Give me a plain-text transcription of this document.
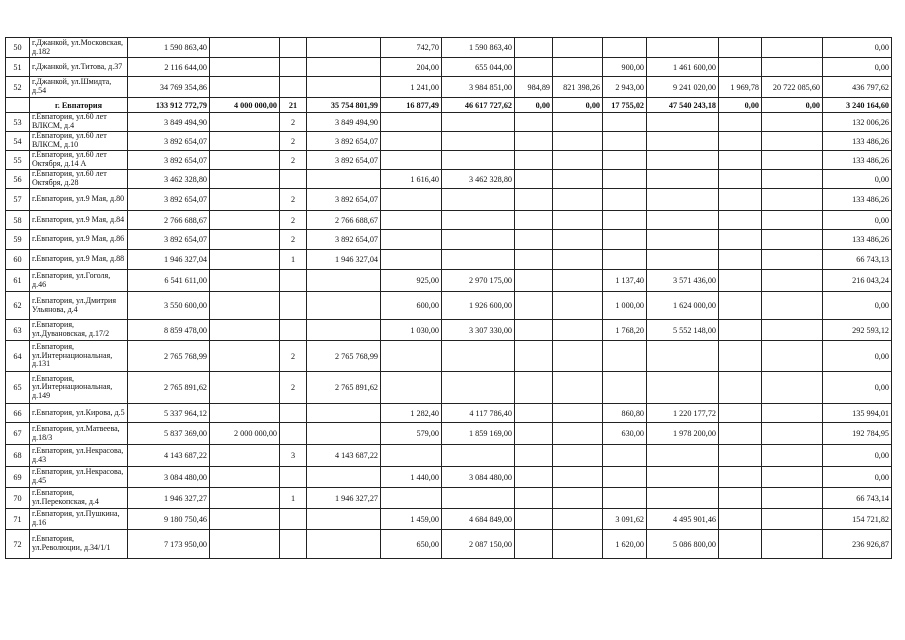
50	г.Джанкой, ул.Московская, д.182	1 590 863,40				742,70	1 590 863,40							0,00
51	г.Джанкой, ул.Титова, д.37	2 116 644,00				204,00	655 044,00			900,00	1 461 600,00			0,00
52	г.Джанкой, ул.Шмидта, д.54	34 769 354,86				1 241,00	3 984 851,00	984,89	821 398,26	2 943,00	9 241 020,00	1 969,78	20 722 085,60	436 797,62
	г. Евпатория	133 912 772,79	4 000 000,00	21	35 754 801,99	16 877,49	46 617 727,62	0,00	0,00	17 755,02	47 540 243,18	0,00	0,00	3 240 164,60
53	г.Евпатория, ул.60 лет ВЛКСМ, д.4	3 849 494,90		2	3 849 494,90									132 006,26
54	г.Евпатория, ул.60 лет ВЛКСМ, д.10	3 892 654,07		2	3 892 654,07									133 486,26
55	г.Евпатория, ул.60 лет Октября, д.14 А	3 892 654,07		2	3 892 654,07									133 486,26
56	г.Евпатория, ул.60 лет Октября, д.28	3 462 328,80				1 616,40	3 462 328,80							0,00
57	г.Евпатория, ул.9 Мая, д.80	3 892 654,07		2	3 892 654,07									133 486,26
58	г.Евпатория, ул.9 Мая, д.84	2 766 688,67		2	2 766 688,67									0,00
59	г.Евпатория, ул.9 Мая, д.86	3 892 654,07		2	3 892 654,07									133 486,26
60	г.Евпатория, ул.9 Мая, д.88	1 946 327,04		1	1 946 327,04									66 743,13
61	г.Евпатория, ул.Гоголя, д.46	6 541 611,00				925,00	2 970 175,00			1 137,40	3 571 436,00			216 043,24
62	г.Евпатория, ул.Дмитрия Ульянова, д.4	3 550 600,00				600,00	1 926 600,00			1 000,00	1 624 000,00			0,00
63	г.Евпатория, ул.Дувановская, д.17/2	8 859 478,00				1 030,00	3 307 330,00			1 768,20	5 552 148,00			292 593,12
64	г.Евпатория, ул.Интернациональная, д.131	2 765 768,99		2	2 765 768,99									0,00
65	г.Евпатория, ул.Интернациональная, д.149	2 765 891,62		2	2 765 891,62									0,00
66	г.Евпатория, ул.Кирова, д.5	5 337 964,12				1 282,40	4 117 786,40			860,80	1 220 177,72			135 994,01
67	г.Евпатория, ул.Матвеева, д.18/3	5 837 369,00	2 000 000,00			579,00	1 859 169,00			630,00	1 978 200,00			192 784,95
68	г.Евпатория, ул.Некрасова, д.43	4 143 687,22		3	4 143 687,22									0,00
69	г.Евпатория, ул.Некрасова, д.45	3 084 480,00				1 440,00	3 084 480,00							0,00
70	г.Евпатория, ул.Перекопская, д.4	1 946 327,27		1	1 946 327,27									66 743,14
71	г.Евпатория, ул.Пушкина, д.16	9 180 750,46				1 459,00	4 684 849,00			3 091,62	4 495 901,46			154 721,82
72	г.Евпатория, ул.Революции, д.34/1/1	7 173 950,00				650,00	2 087 150,00			1 620,00	5 086 800,00			236 926,87
